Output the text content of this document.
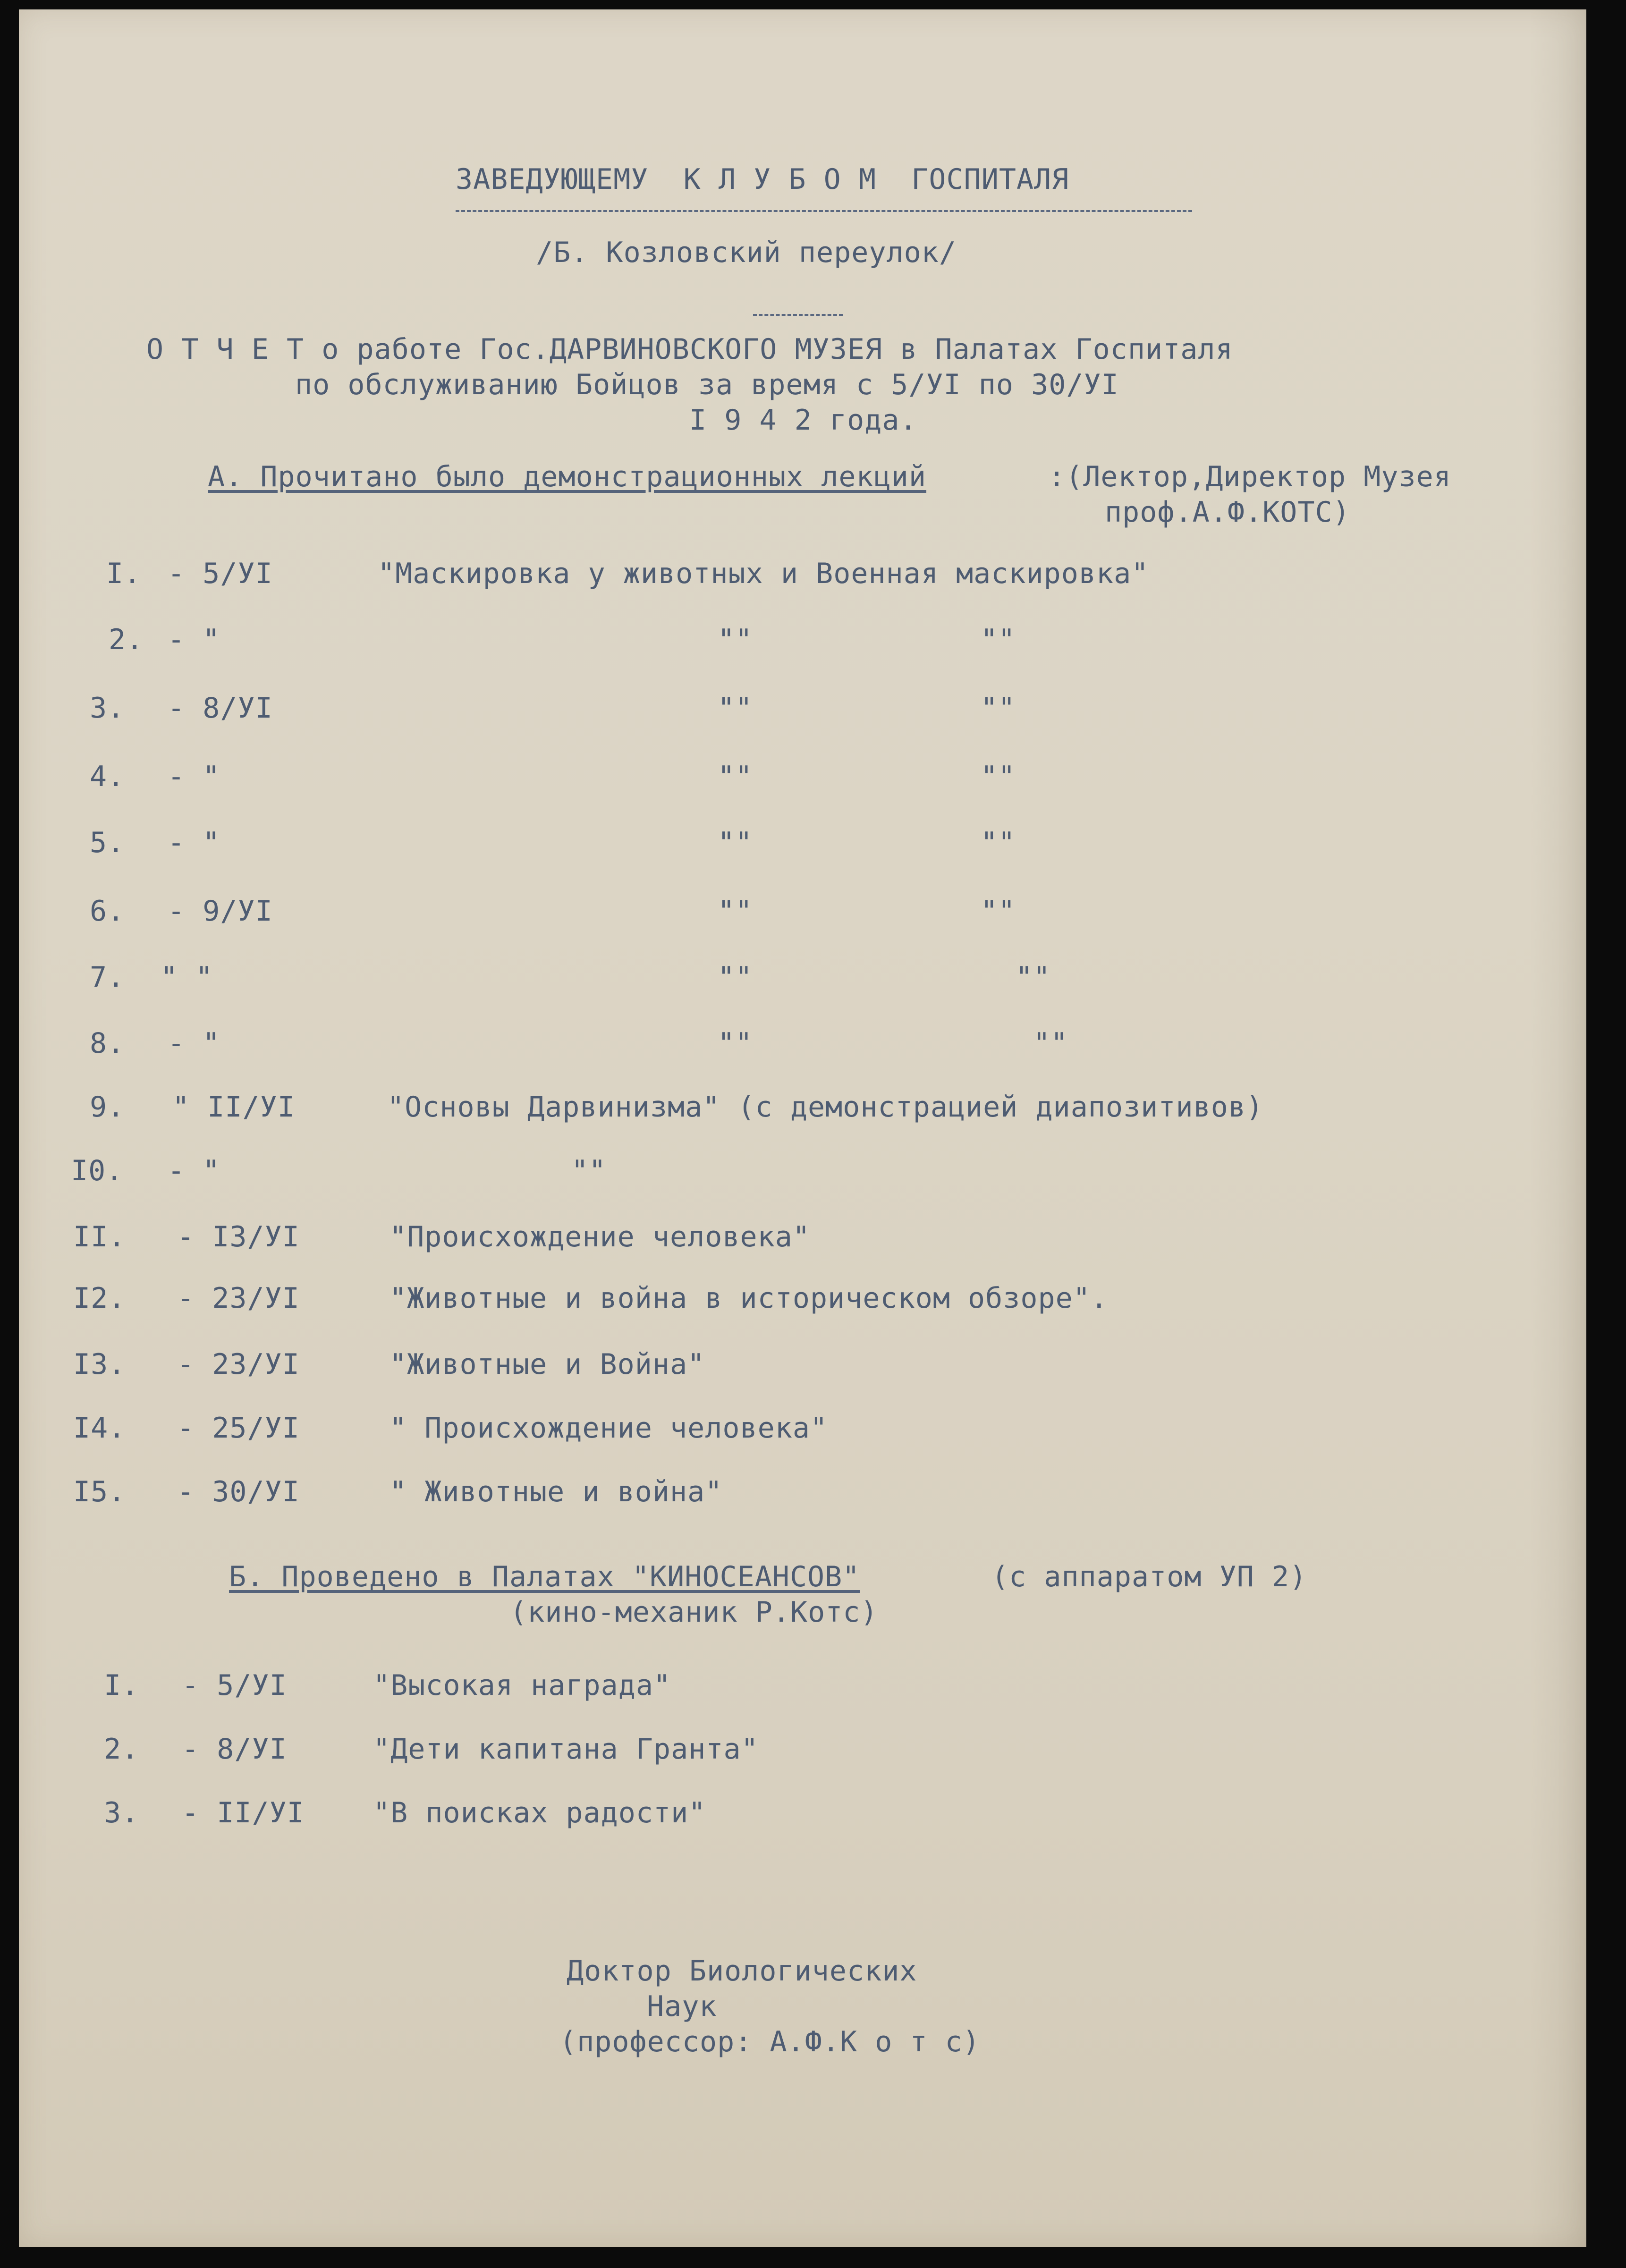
ЗАВЕДУЮЩЕМУ  К Л У Б О М  ГОСПИТАЛЯ
/Б. Козловский переулок/
О Т Ч Е Т о работе Гос.ДАРВИНОВСКОГО МУЗЕЯ в Палатах Госпиталя
по обслуживанию Бойцов за время с 5/УI по 30/УI
I 9 4 2 года.
А. Прочитано было демонстрационных лекций	:(Лектор,Директор Музея
проф.А.Ф.КОТС)
I. - 5/УI	"Маскировка у животных и Военная маскировка"
2. - "	""             ""
3. - 8/УI	""             ""
4. - "	""             ""
5. - "	""             ""
6. - 9/УI	""             ""
7. " "	""               ""
8. - "	""                ""
9. " II/УI	"Основы Дарвинизма" (с демонстрацией диапозитивов)
I0. - "	""
II. - I3/УI	"Происхождение человека"
I2. - 23/УI	"Животные и война в историческом обзоре".
I3. - 23/УI	"Животные и Война"
I4. - 25/УI	" Происхождение человека"
I5. - 30/УI	" Животные и война"
Б. Проведено в Палатах "КИНОСЕАНСОВ"	(с аппаратом УП 2)
(кино-механик Р.Котс)
I. - 5/УI	"Высокая награда"
2. - 8/УI	"Дети капитана Гранта"
3. - II/УI "В поисках радости"
Доктор Биологических
Наук
(профессор: А.Ф.К о т с)
